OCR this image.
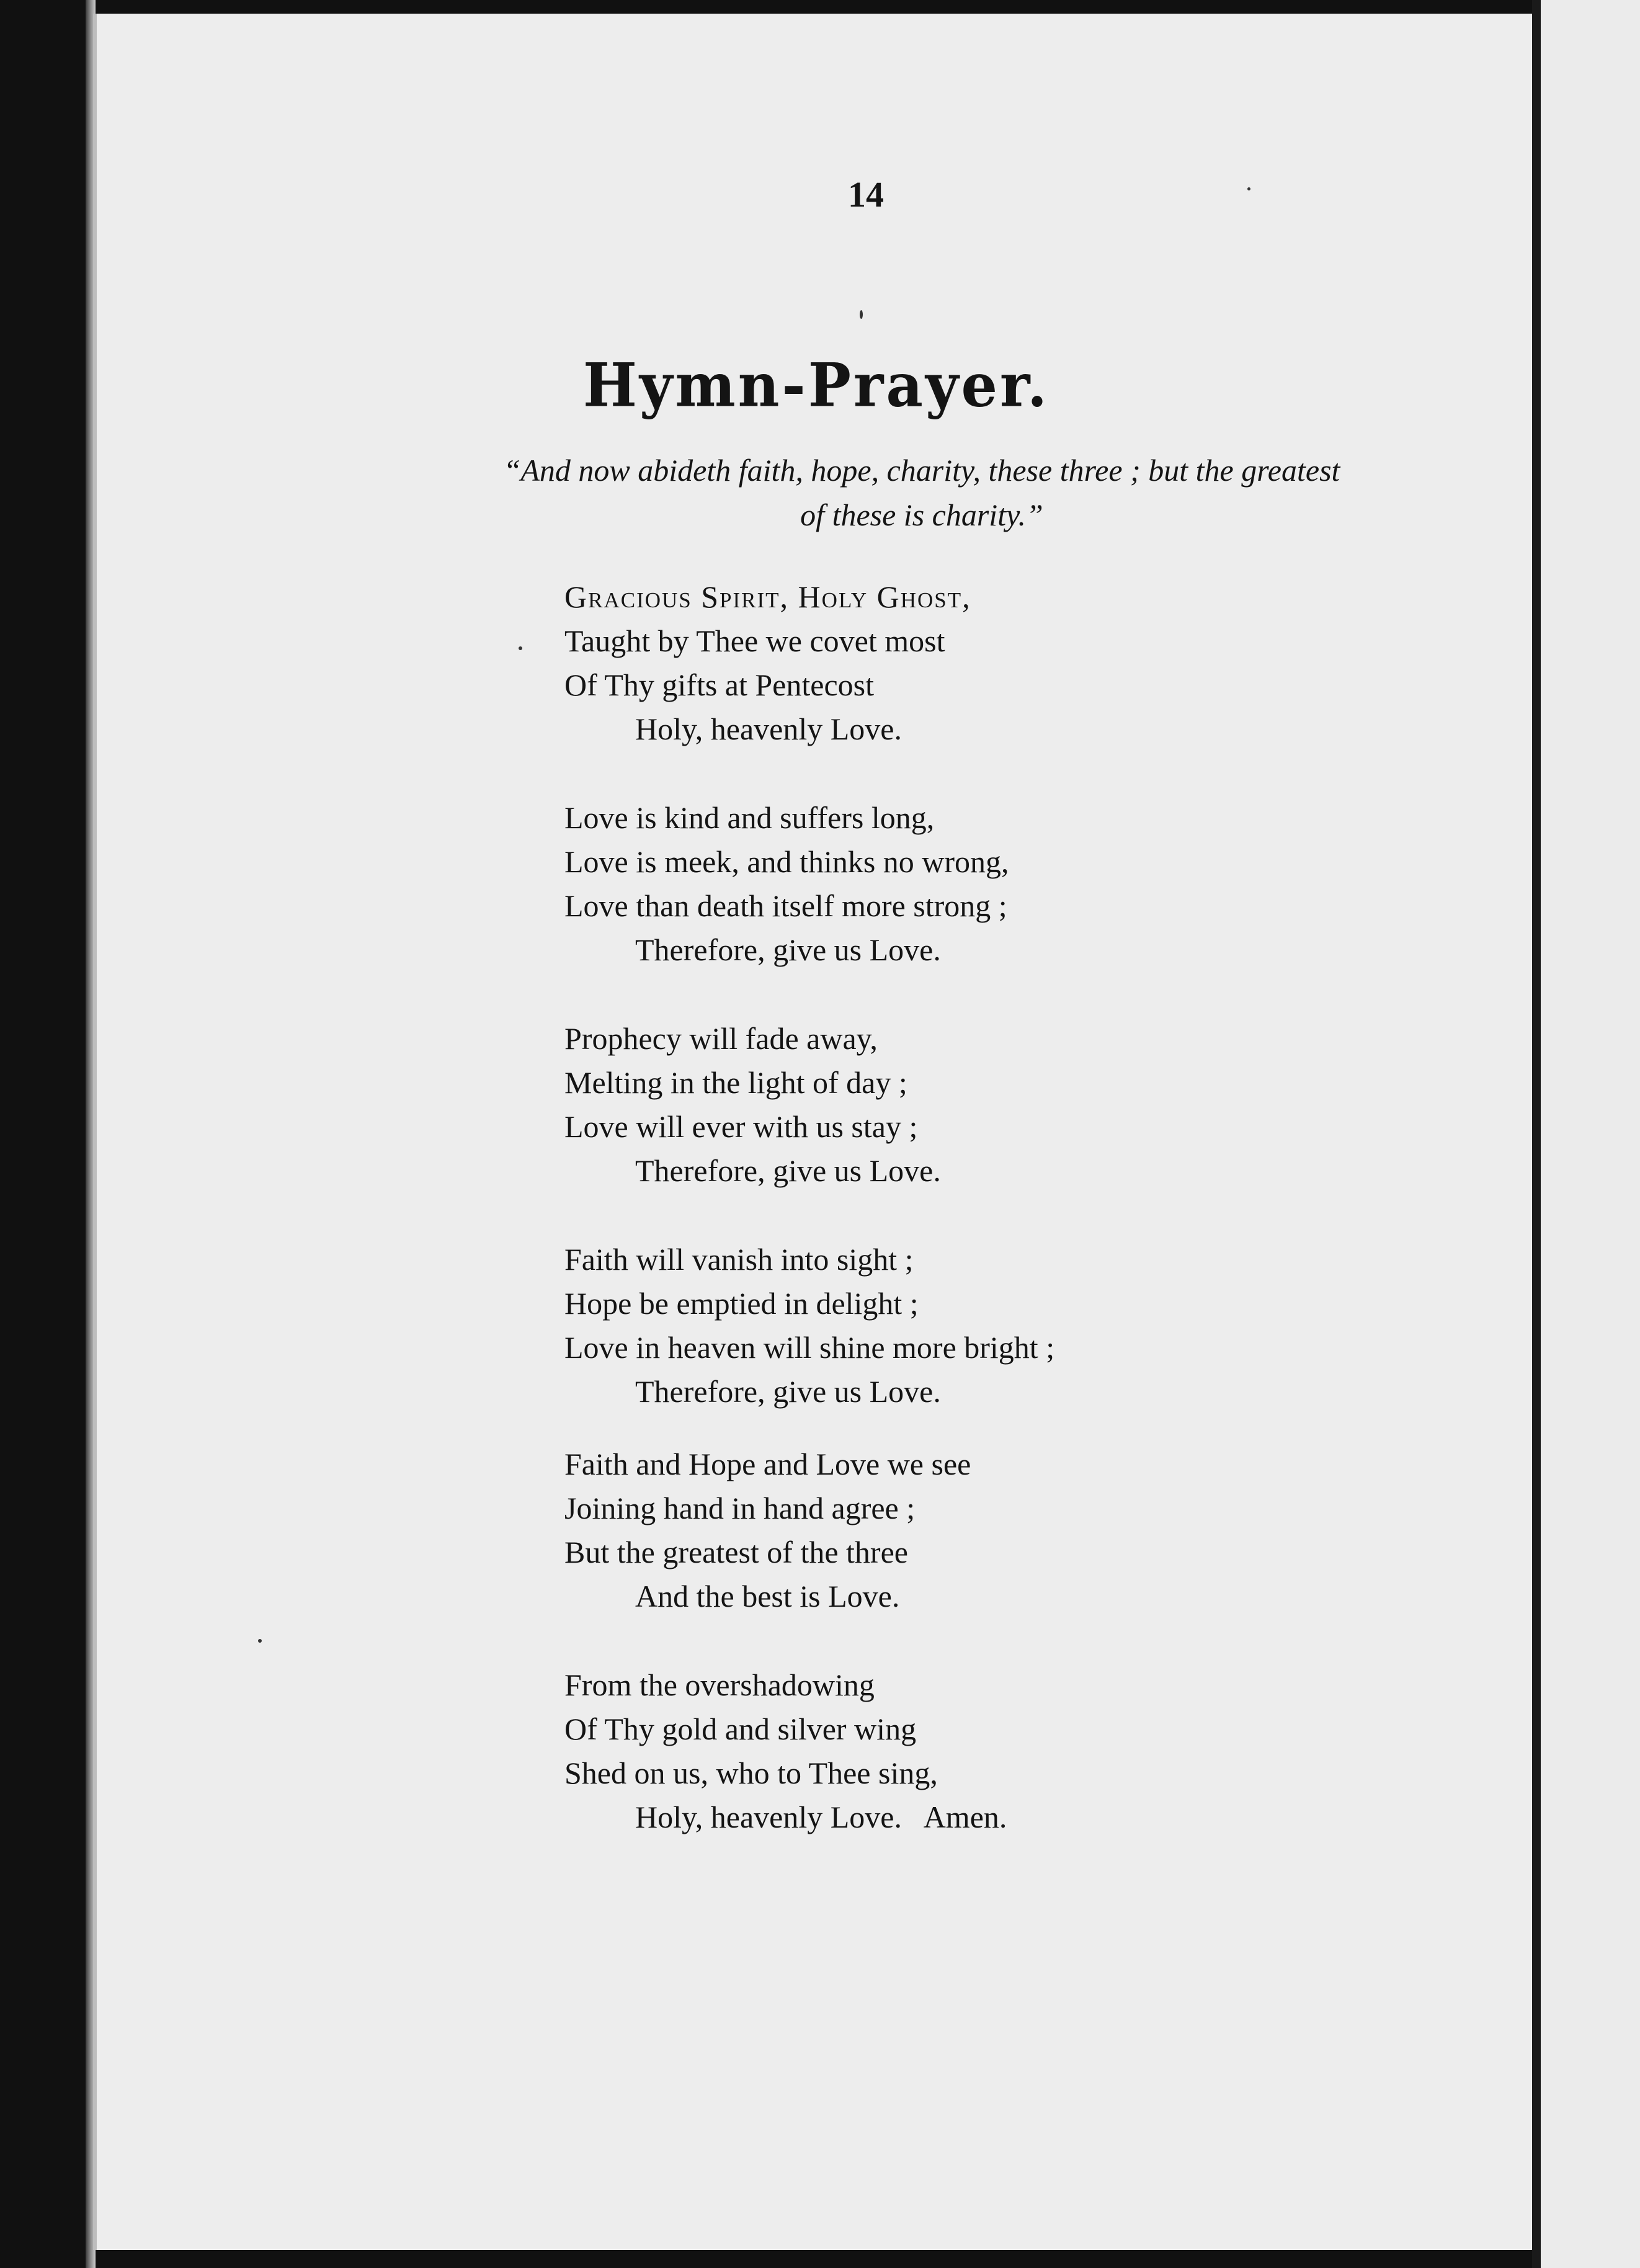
14
Hymn-Prayer.
“And now abideth faith, hope, charity, these three ; but the greatest
of these is charity.”
Gracious Spirit, Holy Ghost,
Taught by Thee we covet most
Of Thy gifts at Pentecost
Holy, heavenly Love.
Love is kind and suffers long,
Love is meek, and thinks no wrong,
Love than death itself more strong ;
Therefore, give us Love.
Prophecy will fade away,
Melting in the light of day ;
Love will ever with us stay ;
Therefore, give us Love.
Faith will vanish into sight ;
Hope be emptied in delight ;
Love in heaven will shine more bright ;
Therefore, give us Love.
Faith and Hope and Love we see
Joining hand in hand agree ;
But the greatest of the three
And the best is Love.
From the overshadowing
Of Thy gold and silver wing
Shed on us, who to Thee sing,
Holy, heavenly Love.   Amen.
